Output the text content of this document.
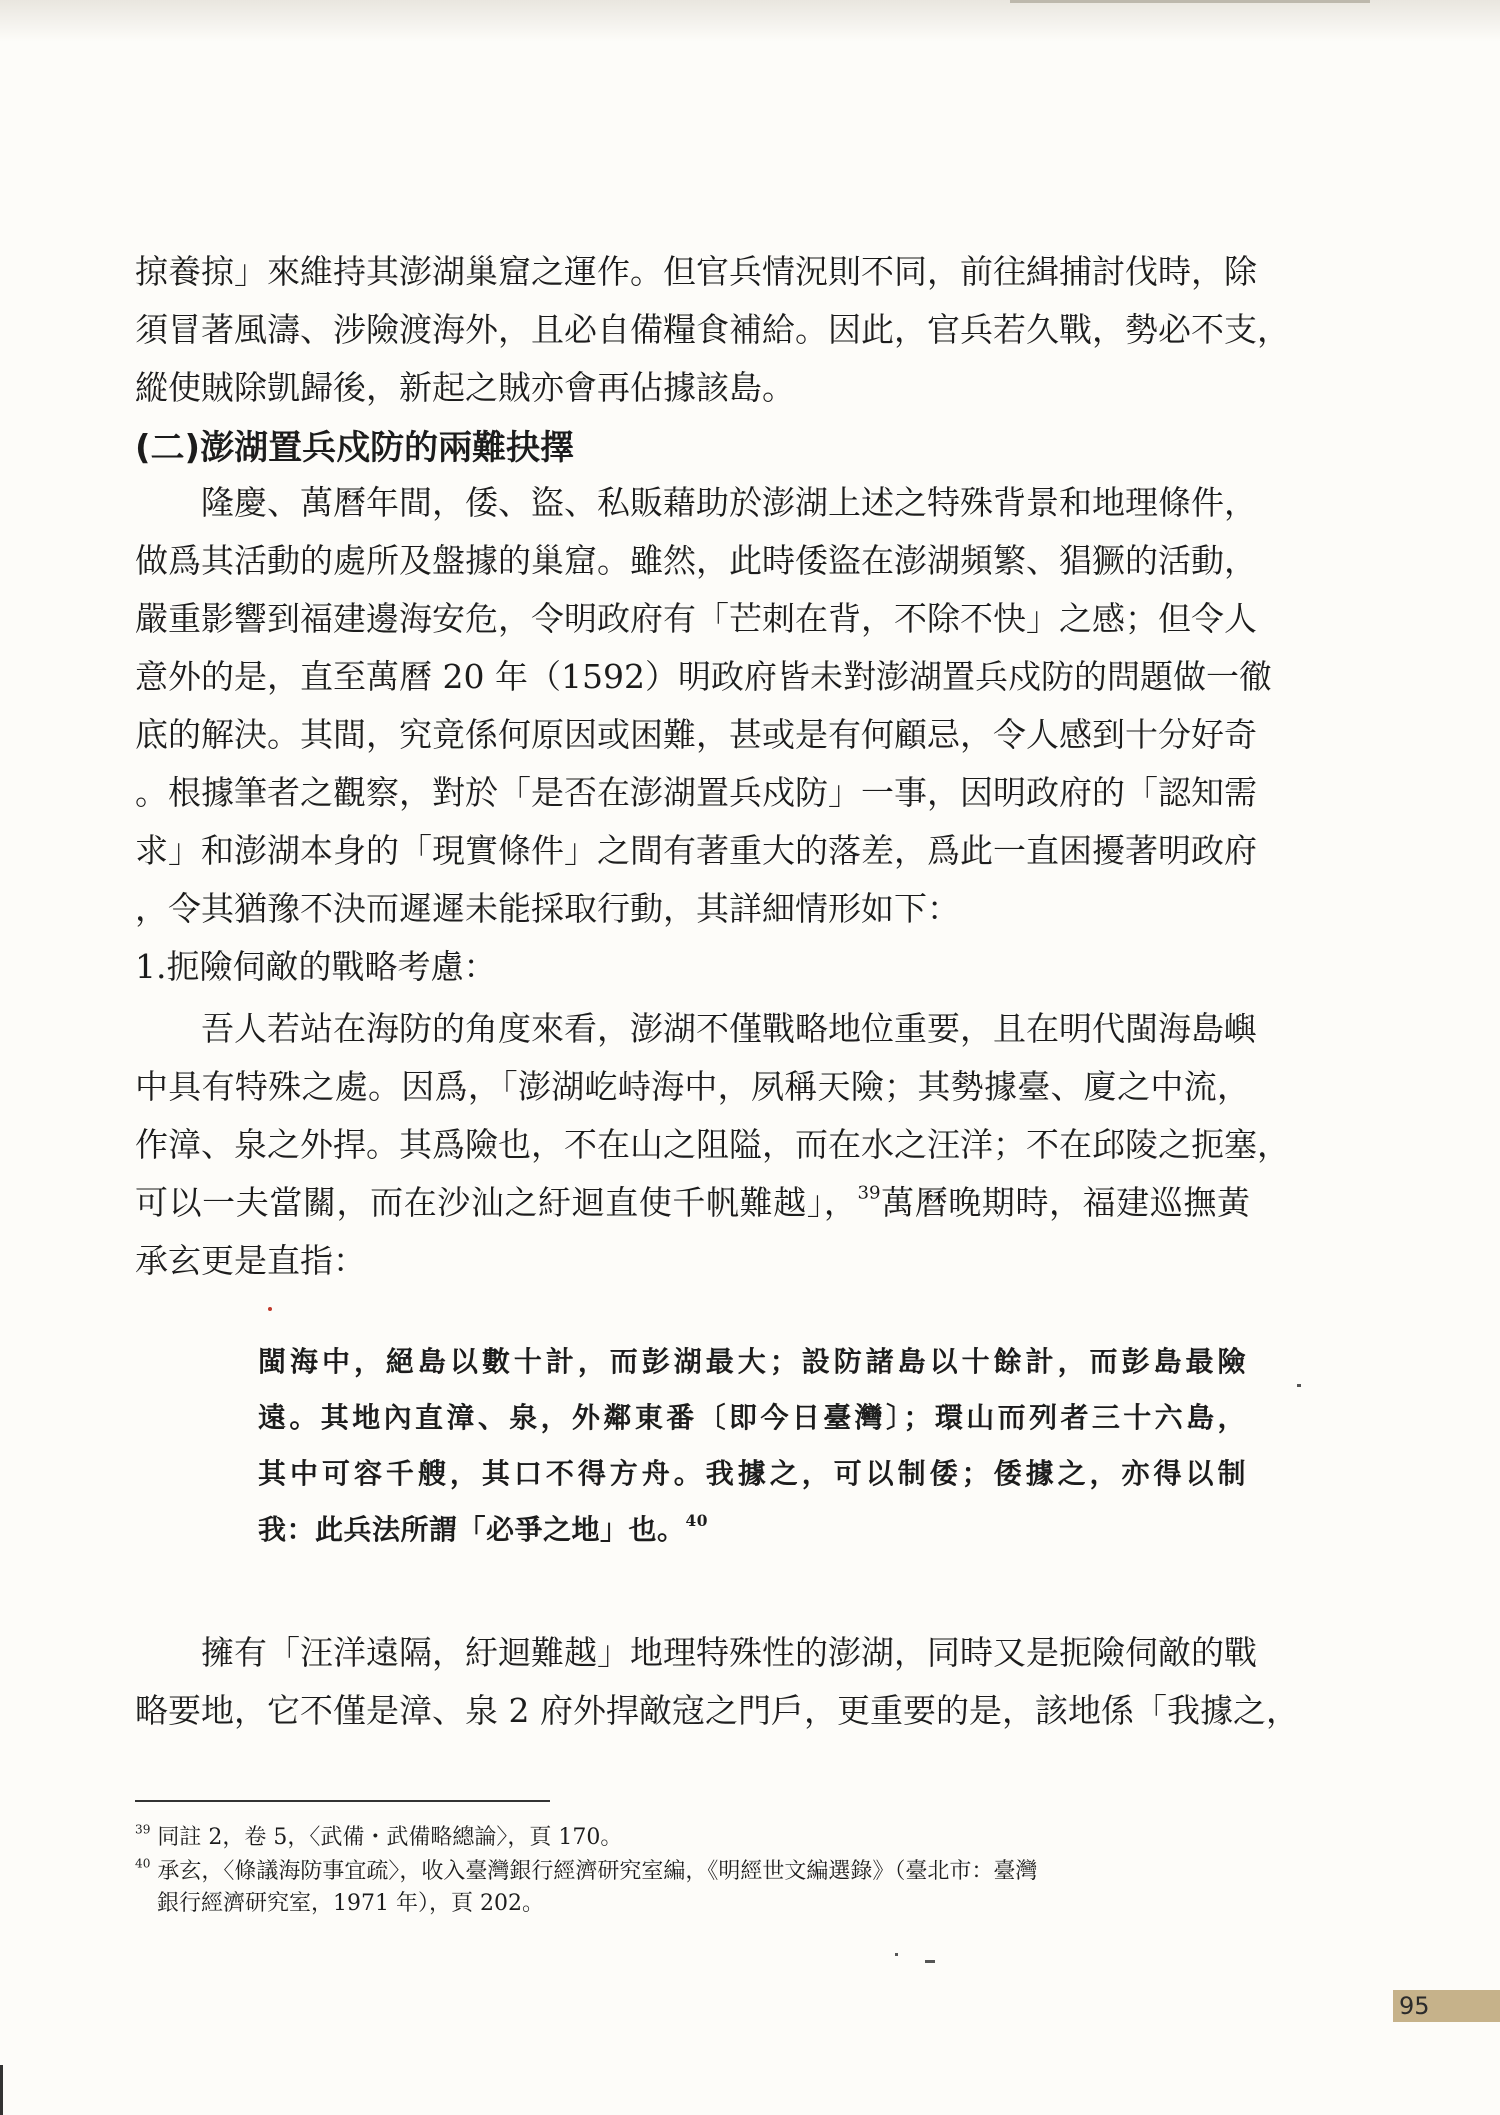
掠養掠」來維持其澎湖巢窟之運作。但官兵情況則不同，前往緝捕討伐時，除
須冒著風濤、涉險渡海外，且必自備糧食補給。因此，官兵若久戰，勢必不支，
縱使賊除凱歸後，新起之賊亦會再佔據該島。
(二)澎湖置兵戍防的兩難抉擇
隆慶、萬曆年間，倭、盜、私販藉助於澎湖上述之特殊背景和地理條件，
做爲其活動的處所及盤據的巢窟。雖然，此時倭盜在澎湖頻繁、猖獗的活動，
嚴重影響到福建邊海安危，令明政府有「芒刺在背，不除不快」之感；但令人
意外的是，直至萬曆 20 年（1592）明政府皆未對澎湖置兵戍防的問題做一徹
底的解決。其間，究竟係何原因或困難，甚或是有何顧忌，令人感到十分好奇
。根據筆者之觀察，對於「是否在澎湖置兵戍防」一事，因明政府的「認知需
求」和澎湖本身的「現實條件」之間有著重大的落差，爲此一直困擾著明政府
，令其猶豫不決而遲遲未能採取行動，其詳細情形如下：
1.扼險伺敵的戰略考慮：
吾人若站在海防的角度來看，澎湖不僅戰略地位重要，且在明代閩海島嶼
中具有特殊之處。因爲，「澎湖屹峙海中，夙稱天險；其勢據臺、廈之中流，
作漳、泉之外捍。其爲險也，不在山之阻隘，而在水之汪洋；不在邱陵之扼塞，
可以一夫當關，而在沙汕之紆迴直使千帆難越」，$^{39}$萬曆晚期時，福建巡撫黃
承玄更是直指：
閩海中，絕島以數十計，而彭湖最大；設防諸島以十餘計，而彭島最險
遠。其地內直漳、泉，外鄰東番〔即今日臺灣〕；環山而列者三十六島，
其中可容千艘，其口不得方舟。我據之，可以制倭；倭據之，亦得以制
我：此兵法所謂「必爭之地」也。$^{40}$
擁有「汪洋遠隔，紆迴難越」地理特殊性的澎湖，同時又是扼險伺敵的戰
略要地，它不僅是漳、泉 2 府外捍敵寇之門戶，更重要的是，該地係「我據之，
$^{39}$ 同註 2，卷 5，〈武備・武備略總論〉，頁 170。
$^{40}$ 承玄，〈條議海防事宜疏〉，收入臺灣銀行經濟研究室編，《明經世文編選錄》（臺北市：臺灣
銀行經濟研究室，1971 年），頁 202。
95
